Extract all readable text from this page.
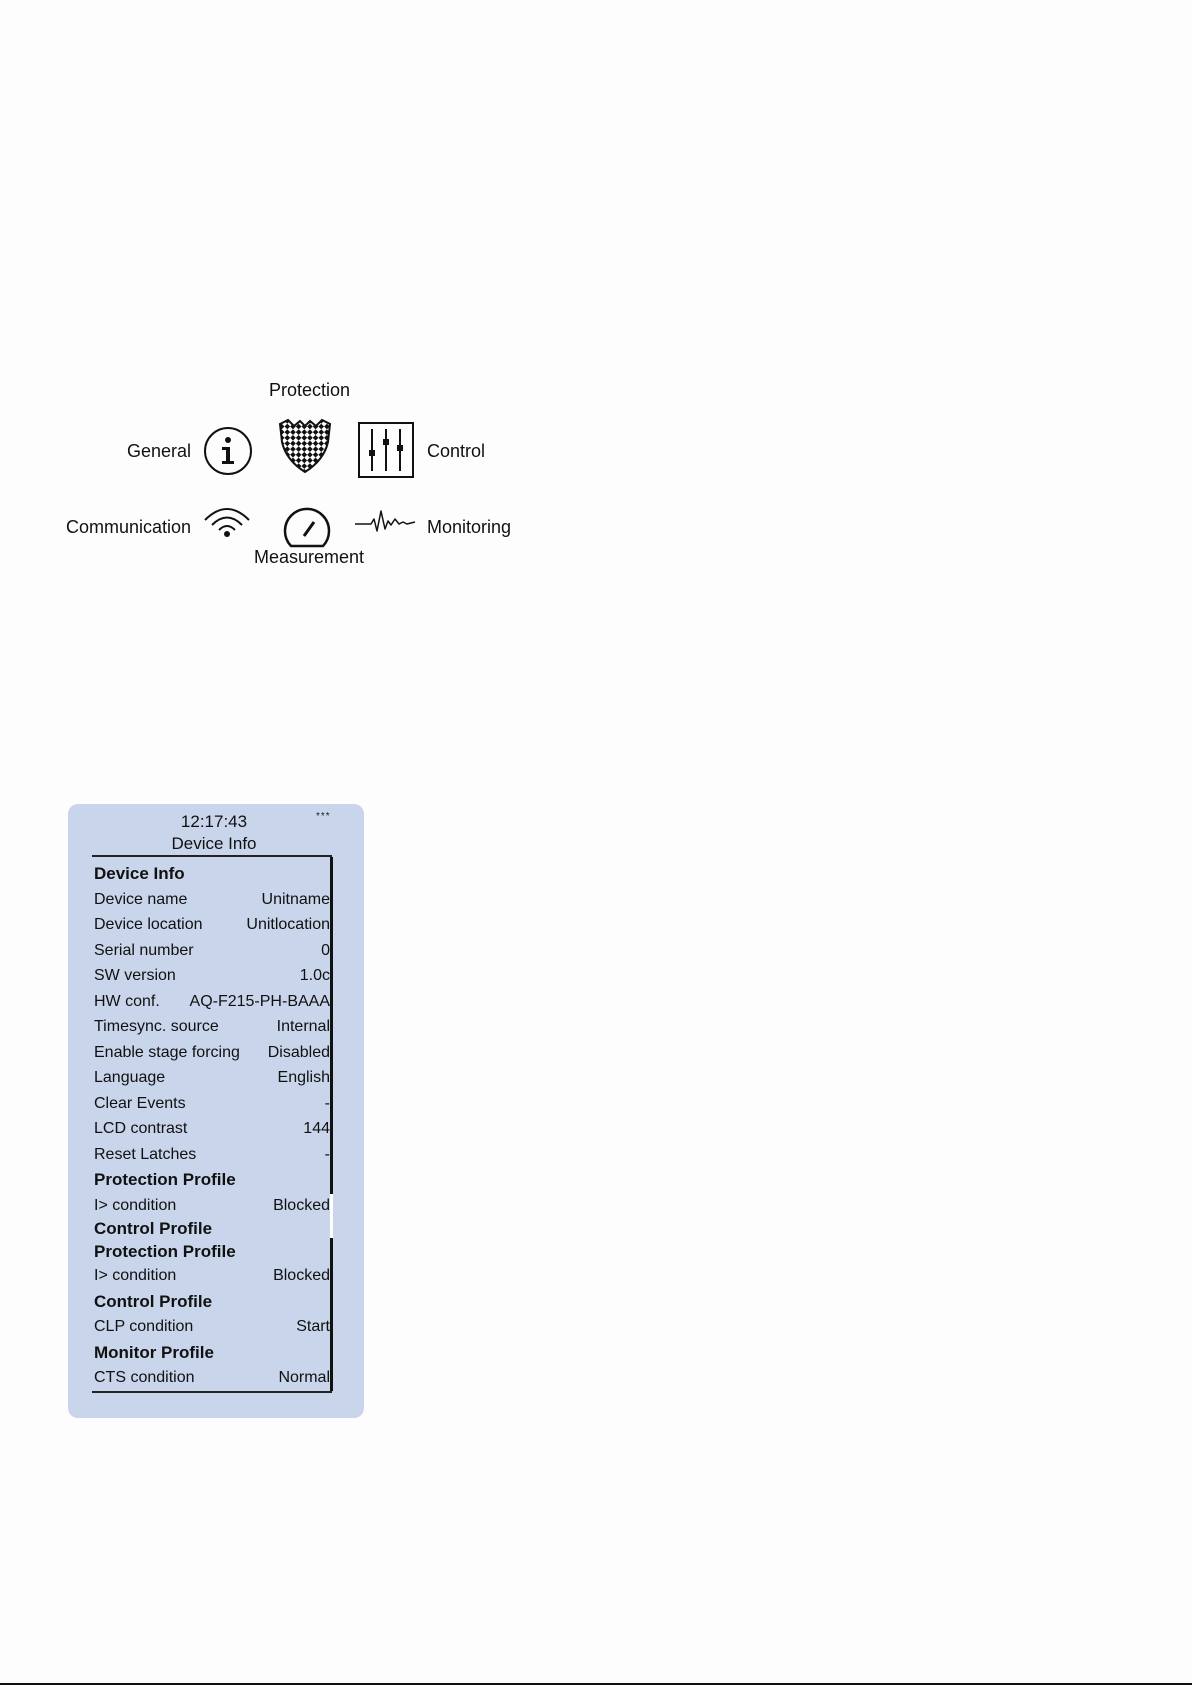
Protection
General	Control
Communication
Measurement
Monitoring
12:17:43	***
Device Info
Device Info
Device name	Unitname
Device location	Unitlocation
Serial number	0
SW version	1.0c
HW conf. AQ-F215-PH-BAAA
Timesync. source	Internal
Enable stage forcing Disabled
Language	English
Clear Events	-
LCD contrast	144
Reset Latches	-
Protection Profile
I> condition	Blocked
Control Profile
Protection Profile
I> condition	Blocked
Control Profile
CLP condition	Start
Monitor Profile
CTS condition	Normal
